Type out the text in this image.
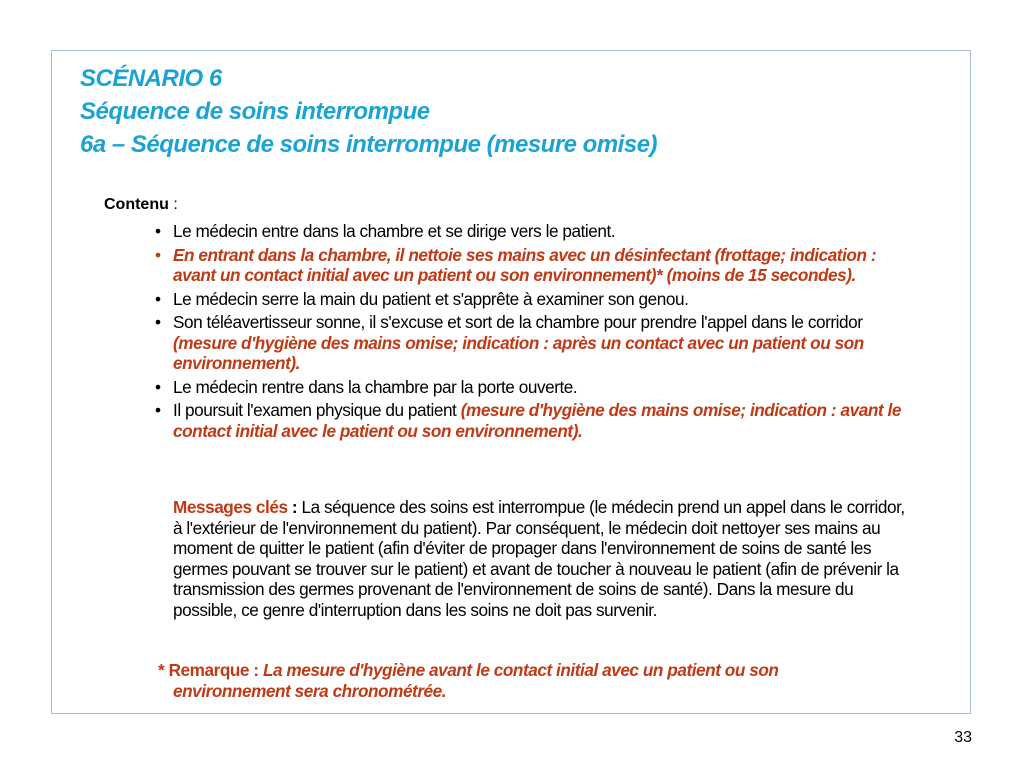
SCÉNARIO 6
Séquence de soins interrompue
6a – Séquence de soins interrompue (mesure omise)
Contenu :
• Le médecin entre dans la chambre et se dirige vers le patient.
• En entrant dans la chambre, il nettoie ses mains avec un désinfectant (frottage; indication : avant un contact initial avec un patient ou son environnement)* (moins de 15 secondes).
• Le médecin serre la main du patient et s'apprête à examiner son genou.
• Son téléavertisseur sonne, il s'excuse et sort de la chambre pour prendre l'appel dans le corridor (mesure d'hygiène des mains omise; indication : après un contact avec un patient ou son environnement).
• Le médecin rentre dans la chambre par la porte ouverte.
• Il poursuit l'examen physique du patient (mesure d'hygiène des mains omise; indication : avant le contact initial avec le patient ou son environnement).
Messages clés : La séquence des soins est interrompue (le médecin prend un appel dans le corridor, à l'extérieur de l'environnement du patient). Par conséquent, le médecin doit nettoyer ses mains au moment de quitter le patient (afin d'éviter de propager dans l'environnement de soins de santé les germes pouvant se trouver sur le patient) et avant de toucher à nouveau le patient (afin de prévenir la transmission des germes provenant de l'environnement de soins de santé). Dans la mesure du possible, ce genre d'interruption dans les soins ne doit pas survenir.
* Remarque : La mesure d'hygiène avant le contact initial avec un patient ou son
environnement sera chronométrée.
33
